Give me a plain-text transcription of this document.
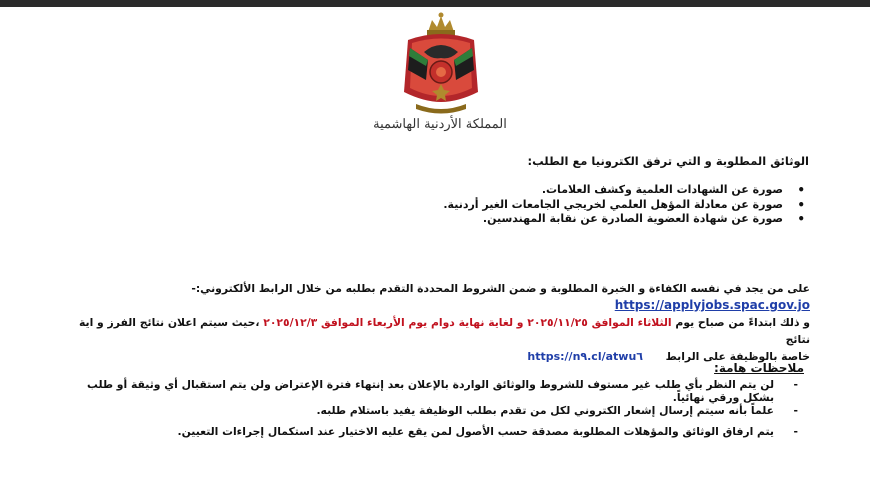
المملكة الأردنية الهاشمية
الوثائق المطلوبة و التي ترفق الكترونيا مع الطلب:
•
صورة عن الشهادات العلمية وكشف العلامات.
•
صورة عن معادلة المؤهل العلمي لخريجي الجامعات الغير أردنية.
•
صورة عن شهادة العضوية الصادرة عن نقابة المهندسين.
على من يجد في نفسه الكفاءة و الخبرة المطلوبة و ضمن الشروط المحددة التقدم بطلبه من خلال الرابط الألكتروني:- https://applyjobs.spac.gov.jo
و ذلك ابتداءً من صباح يوم الثلاثاء الموافق ٢٠٢٥/١١/٢٥ و لغاية نهاية دوام يوم الأربعاء الموافق ٢٠٢٥/١٢/٣ ،حيث سيتم اعلان نتائج الفرز و اية نتائج
خاصة بالوظيفة على الرابط      https://n٩.cl/atwu٦
ملاحظات هامة:
-
لن يتم النظر بأي طلب غير مستوف للشروط والوثائق الواردة بالإعلان بعد إنتهاء فترة الإعتراض ولن يتم استقبال أي وثيقة أو طلب بشكل ورقي نهائياً.
-
علماً بأنه سيتم إرسال إشعار الكتروني لكل من تقدم بطلب الوظيفة يفيد باستلام طلبه.
-
يتم ارفاق الوثائق والمؤهلات المطلوبة مصدقة حسب الأصول لمن يقع عليه الاختيار عند استكمال إجراءات التعيين.
